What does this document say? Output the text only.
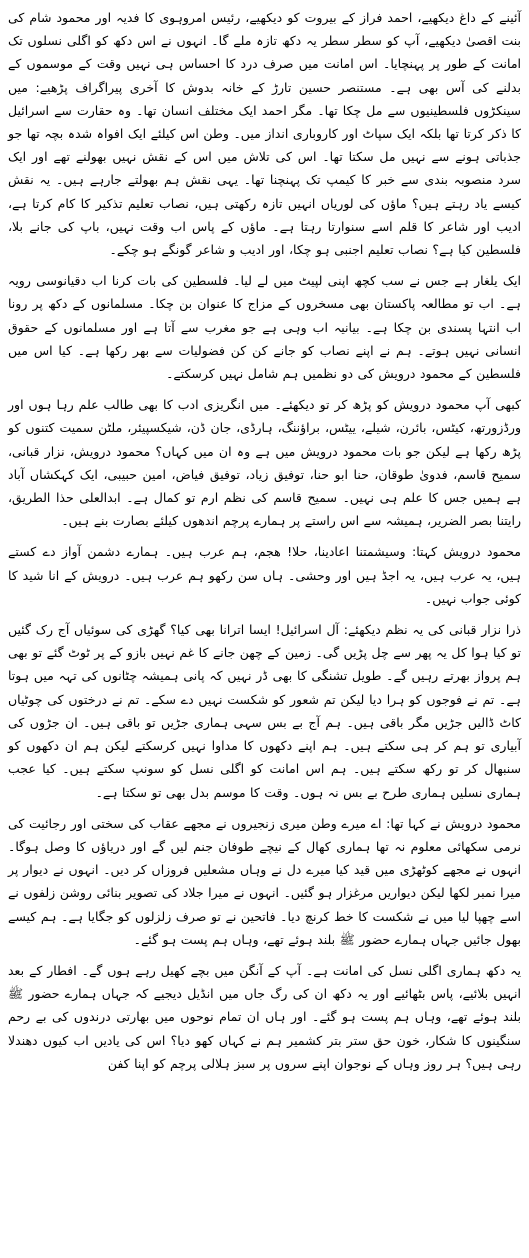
آئینے کے داغ دیکھیے، احمد فراز کے بیروت کو دیکھیے، رئیس امروہوی کا فدیہ اور محمود شام کی بنت اقصیٰ دیکھیے، آپ کو سطر سطر یہ دکھ تازہ ملے گا۔ انہوں نے اس دکھ کو اگلی نسلوں تک امانت کے طور پر پہنچایا۔ اس امانت میں صرف درد کا احساس ہی نہیں وقت کے موسموں کے بدلنے کی آس بھی ہے۔ مستنصر حسین تارڑ کے خانہ بدوش کا آخری پیراگراف پڑھیے: میں سینکڑوں فلسطینیوں سے مل چکا تھا۔ مگر احمد ایک مختلف انسان تھا۔ وہ حقارت سے اسرائیل کا ذکر کرتا تھا بلکہ ایک سپاٹ اور کاروباری انداز میں۔ وطن اس کیلئے ایک افواہ شدہ بچہ تھا جو جذباتی ہونے سے نہیں مل سکتا تھا۔ اس کی تلاش میں اس کے نقش نہیں بھولنے تھے اور ایک سرد منصوبہ بندی سے خبر کا کیمپ تک پہنچنا تھا۔ یہی نقش ہم بھولتے جارہے ہیں۔ یہ نقش کیسے یاد رہتے ہیں؟ ماؤں کی لوریاں انہیں تازہ رکھتی ہیں، نصاب تعلیم تذکیر کا کام کرتا ہے، ادیب اور شاعر کا قلم اسے سنوارتا رہتا ہے۔ ماؤں کے پاس اب وقت نہیں، باپ کی جانے بلا، فلسطین کیا ہے؟ نصاب تعلیم اجنبی ہو چکا، اور ادیب و شاعر گونگے ہو چکے۔

ایک یلغار ہے جس نے سب کچھ اپنی لپیٹ میں لے لیا۔ فلسطین کی بات کرنا اب دقیانوسی رویہ ہے۔ اب تو مطالعہ پاکستان بھی مسخروں کے مزاج کا عنوان بن چکا۔ مسلمانوں کے دکھ پر رونا اب انتہا پسندی بن چکا ہے۔ بیانیہ اب وہی ہے جو مغرب سے آتا ہے اور مسلمانوں کے حقوق انسانی نہیں ہوتے۔ ہم نے اپنے نصاب کو جانے کن کن فضولیات سے بھر رکھا ہے۔ کیا اس میں فلسطین کے محمود درویش کی دو نظمیں ہم شامل نہیں کرسکتے۔

کبھی آپ محمود درویش کو پڑھ کر تو دیکھئے۔ میں انگریزی ادب کا بھی طالب علم رہا ہوں اور ورڈزورتھ، کیٹس، بائرن، شیلے، ییٹس، براؤننگ، ہارڈی، جان ڈن، شیکسپیئر، ملٹن سمیت کتنوں کو پڑھ رکھا ہے لیکن جو بات محمود درویش میں ہے وہ ان میں کہاں؟ محمود درویش، نزار قبانی، سمیح قاسم، فدویٰ طوقان، حنا ابو حنا، توفیق زیاد، توفیق فیاض، امین حبیبی، ایک کہکشاں آباد ہے ہمیں جس کا علم ہی نہیں۔ سمیح قاسم کی نظم ارم تو کمال ہے۔ ابدالعلی حذا الطریق، رایتنا بصر الضریر، ہمیشہ سے اس راستے پر ہمارے پرچم اندھوں کیلئے بصارت بنے ہیں۔

محمود درویش کہتا: وسیشمتنا اعادینا، حلا! ھجم، ہم عرب ہیں۔ ہمارے دشمن آواز دے کستے ہیں، یہ عرب ہیں، یہ اجڈ ہیں اور وحشی۔ ہاں سن رکھو ہم عرب ہیں۔ درویش کے انا شید کا کوئی جواب نہیں۔

ذرا نزار قبانی کی یہ نظم دیکھئے: آل اسرائیل! ایسا اترانا بھی کیا؟ گھڑی کی سوئیاں آج رک گئیں تو کیا ہوا کل یہ پھر سے چل پڑیں گی۔ زمین کے چھن جانے کا غم نہیں بازو کے پر ٹوٹ گئے تو بھی ہم پرواز بھرتے رہیں گے۔ طویل تشنگی کا بھی ڈر نہیں کہ پانی ہمیشہ چٹانوں کی تہہ میں ہوتا ہے۔ تم نے فوجوں کو ہرا دیا لیکن تم شعور کو شکست نہیں دے سکے۔ تم نے درختوں کی چوٹیاں کاٹ ڈالیں جڑیں مگر باقی ہیں۔ ہم آج بے بس سہی ہماری جڑیں تو باقی ہیں۔ ان جڑوں کی آبیاری تو ہم کر ہی سکتے ہیں۔ ہم اپنے دکھوں کا مداوا نہیں کرسکتے لیکن ہم ان دکھوں کو سنبھال کر تو رکھ سکتے ہیں۔ ہم اس امانت کو اگلی نسل کو سونپ سکتے ہیں۔ کیا عجب ہماری نسلیں ہماری طرح بے بس نہ ہوں۔ وقت کا موسم بدل بھی تو سکتا ہے۔

محمود درویش نے کہا تھا: اے میرے وطن میری زنجیروں نے مجھے عقاب کی سختی اور رجائیت کی نرمی سکھائی معلوم نہ تھا ہماری کھال کے نیچے طوفان جنم لیں گے اور دریاؤں کا وصل ہوگا۔ انہوں نے مجھے کوٹھڑی میں قید کیا میرے دل نے وہاں مشعلیں فروزاں کر دیں۔ انہوں نے دیوار پر میرا نمبر لکھا لیکن دیواریں مرغزار ہو گئیں۔ انہوں نے میرا جلاد کی تصویر بنائی روشن زلفوں نے اسے چھپا لیا میں نے شکست کا خط کرنچ دیا۔ فاتحین نے تو صرف زلزلوں کو جگایا ہے۔ ہم کیسے بھول جائیں جہاں ہمارے حضور ﷺ بلند ہوئے تھے، وہاں ہم پست ہو گئے۔

یہ دکھ ہماری اگلی نسل کی امانت ہے۔ آپ کے آنگن میں بچے کھیل رہے ہوں گے۔ افطار کے بعد انہیں بلائیے، پاس بٹھائیے اور یہ دکھ ان کی رگ جاں میں انڈیل دیجیے کہ جہاں ہمارے حضور ﷺ بلند ہوئے تھے، وہاں ہم پست ہو گئے۔ اور ہاں ان تمام نوحوں میں بھارتی درندوں کی بے رحم سنگینوں کا شکار، خون حق ستر بتر کشمیر ہم نے کہاں کھو دیا؟ اس کی یادیں اب کیوں دھندلا رہی ہیں؟ ہر روز وہاں کے نوجوان اپنے سروں پر سبز ہلالی پرچم کو اپنا کفن
